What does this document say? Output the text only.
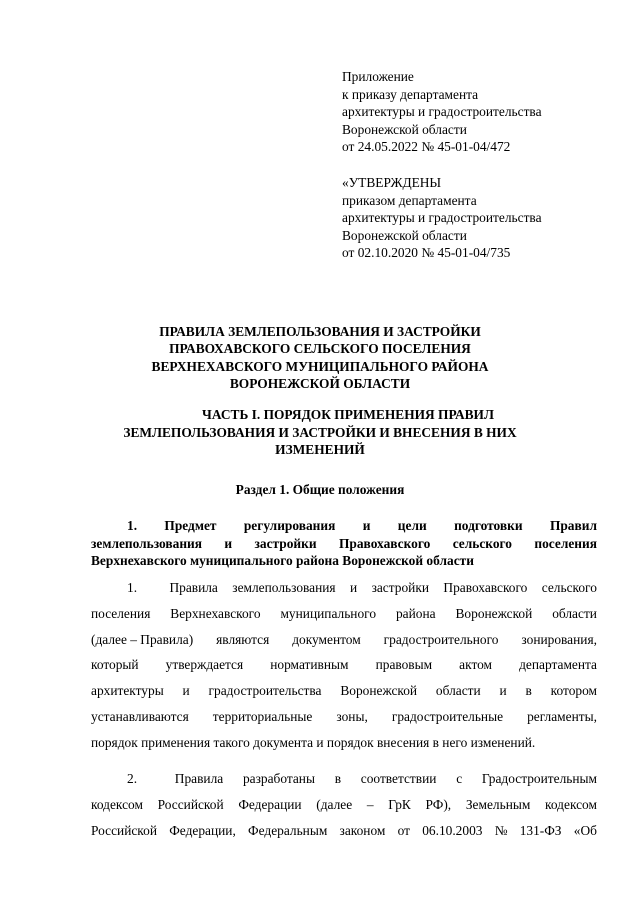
Приложение
к приказу департамента
архитектуры и градостроительства
Воронежской области
от 24.05.2022 № 45-01-04/472
«УТВЕРЖДЕНЫ
приказом департамента
архитектуры и градостроительства
Воронежской области
от 02.10.2020 № 45-01-04/735
ПРАВИЛА ЗЕМЛЕПОЛЬЗОВАНИЯ И ЗАСТРОЙКИ
ПРАВОХАВСКОГО СЕЛЬСКОГО ПОСЕЛЕНИЯ
ВЕРХНЕХАВСКОГО МУНИЦИПАЛЬНОГО РАЙОНА
ВОРОНЕЖСКОЙ ОБЛАСТИ
ЧАСТЬ I. ПОРЯДОК ПРИМЕНЕНИЯ ПРАВИЛ
ЗЕМЛЕПОЛЬЗОВАНИЯ И ЗАСТРОЙКИ И ВНЕСЕНИЯ В НИХ
ИЗМЕНЕНИЙ
Раздел 1. Общие положения
1. Предмет регулирования и цели подготовки Правил
землепользования и застройки Правохавского сельского поселения
Верхнехавского муниципального района Воронежской области
1. Правила землепользования и застройки Правохавского сельского
поселения Верхнехавского муниципального района Воронежской области
(далее – Правила) являются документом градостроительного зонирования,
который утверждается нормативным правовым актом департамента
архитектуры и градостроительства Воронежской области и в котором
устанавливаются территориальные зоны, градостроительные регламенты,
порядок применения такого документа и порядок внесения в него изменений.
2.	Правила разработаны в соответствии с Градостроительным
кодексом Российской Федерации (далее – ГрК РФ), Земельным кодексом
Российской Федерации, Федеральным законом от 06.10.2003 № 131-ФЗ «Об
